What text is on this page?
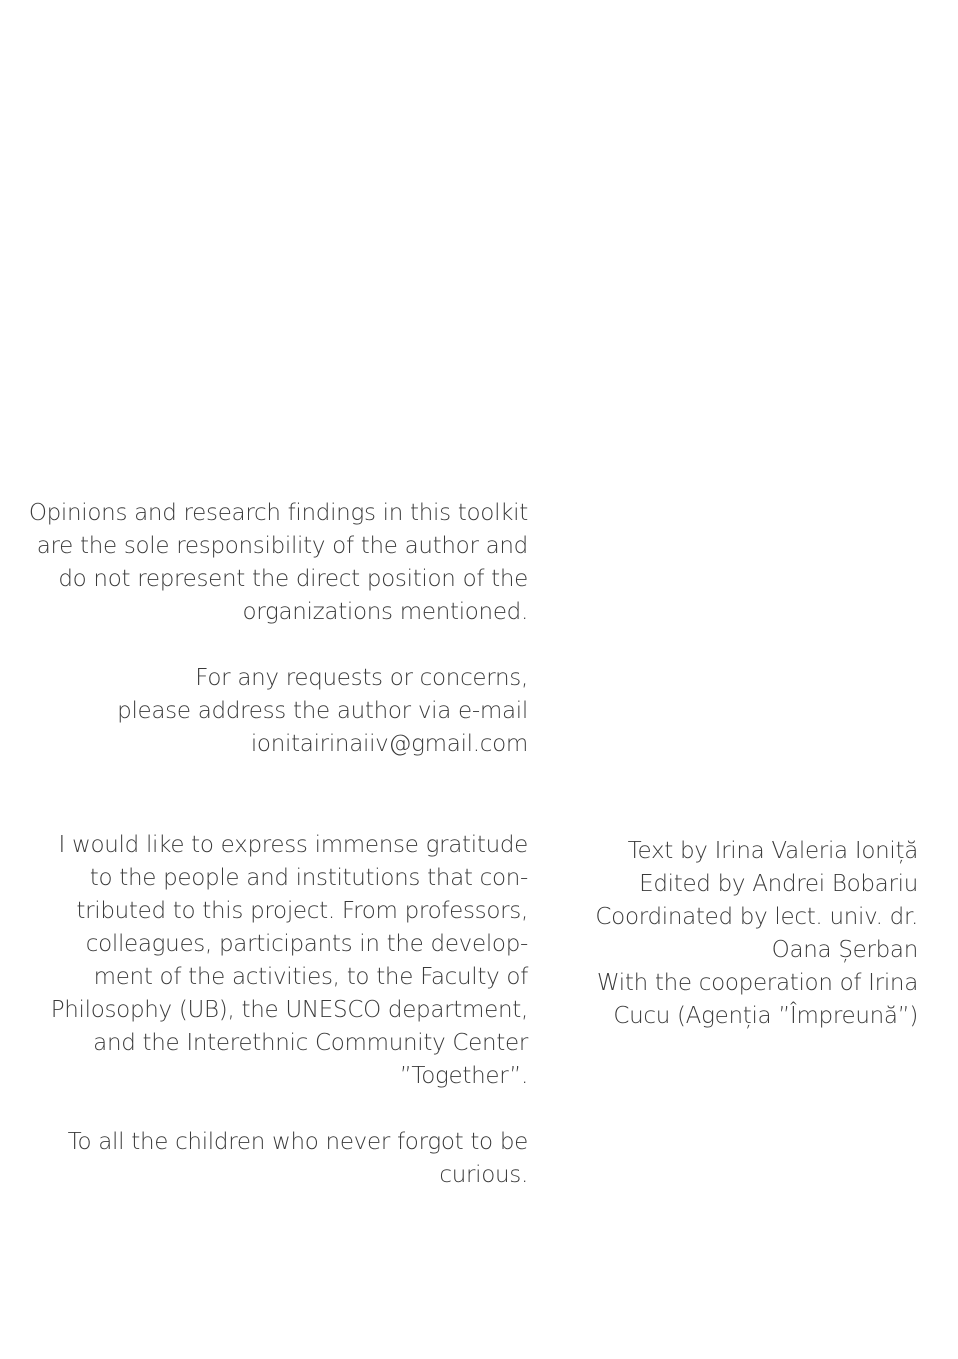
Opinions and research findings in this toolkit
are the sole responsibility of the author and
do not represent the direct position of the
organizations mentioned.
For any requests or concerns,
please address the author via e-mail
ionitairinaiiv@gmail.com
I would like to express immense gratitude
to the people and institutions that con-
tributed to this project. From professors,
colleagues, participants in the develop-
ment of the activities, to the Faculty of
Philosophy (UB), the UNESCO department,
and the Interethnic Community Center
”Together”.
To all the children who never forgot to be
curious.
Text by Irina Valeria Ioniță
Edited by Andrei Bobariu
Coordinated by lect. univ. dr.
Oana Șerban
With the cooperation of Irina
Cucu (Agenția ”Împreună”)
